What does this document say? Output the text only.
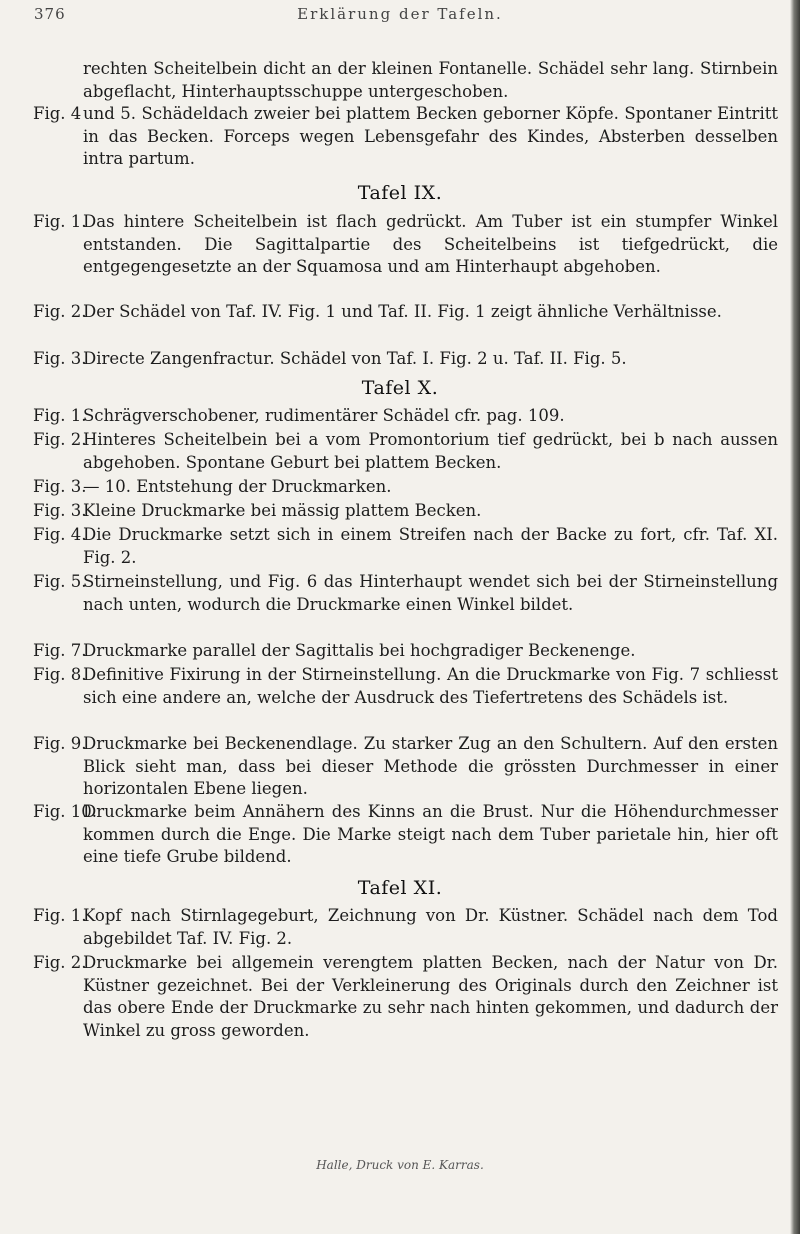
376	Erklärung der Tafeln.
rechten Scheitelbein dicht an der kleinen Fontanelle. Schädel sehr lang. Stirnbein abgeflacht, Hinterhauptsschuppe untergeschoben.
Fig. 4 und 5. Schädeldach zweier bei plattem Becken geborner Köpfe. Spontaner Eintritt in das Becken. Forceps wegen Lebensgefahr des Kindes, Absterben desselben intra partum.
Tafel IX.
Fig. 1.
Das hintere Scheitelbein ist flach gedrückt. Am Tuber ist ein stumpfer Winkel entstanden. Die Sagittalpartie des Scheitelbeins ist tiefgedrückt, die entgegengesetzte an der Squamosa und am Hinterhaupt abgehoben.
Fig. 2.
Der Schädel von Taf. IV. Fig. 1 und Taf. II. Fig. 1 zeigt ähnliche Verhältnisse.
Fig. 3.
Directe Zangenfractur. Schädel von Taf. I. Fig. 2 u. Taf. II. Fig. 5.
Tafel X.
Fig. 1.
Schrägverschobener, rudimentärer Schädel cfr. pag. 109.
Fig. 2.
Hinteres Scheitelbein bei a vom Promontorium tief gedrückt, bei b nach aussen abgehoben. Spontane Geburt bei plattem Becken.
Fig. 3.
— 10. Entstehung der Druckmarken.
Fig. 3.
Kleine Druckmarke bei mässig plattem Becken.
Fig. 4.
Die Druckmarke setzt sich in einem Streifen nach der Backe zu fort, cfr. Taf. XI. Fig. 2.
Fig. 5.
Stirneinstellung, und Fig. 6 das Hinterhaupt wendet sich bei der Stirneinstellung nach unten, wodurch die Druckmarke einen Winkel bildet.
Fig. 7.
Druckmarke parallel der Sagittalis bei hochgradiger Beckenenge.
Fig. 8.
Definitive Fixirung in der Stirneinstellung. An die Druckmarke von Fig. 7 schliesst sich eine andere an, welche der Ausdruck des Tiefertretens des Schädels ist.
Fig. 9.
Druckmarke bei Beckenendlage. Zu starker Zug an den Schultern. Auf den ersten Blick sieht man, dass bei dieser Methode die grössten Durchmesser in einer horizontalen Ebene liegen.
Fig. 10.
Druckmarke beim Annähern des Kinns an die Brust. Nur die Höhendurchmesser kommen durch die Enge. Die Marke steigt nach dem Tuber parietale hin, hier oft eine tiefe Grube bildend.
Tafel XI.
Fig. 1.
Kopf nach Stirnlagegeburt, Zeichnung von Dr. Küstner. Schädel nach dem Tod abgebildet Taf. IV. Fig. 2.
Fig. 2.
Druckmarke bei allgemein verengtem platten Becken, nach der Natur von Dr. Küstner gezeichnet. Bei der Verkleinerung des Originals durch den Zeichner ist das obere Ende der Druckmarke zu sehr nach hinten gekommen, und dadurch der Winkel zu gross geworden.
Halle, Druck von E. Karras.
